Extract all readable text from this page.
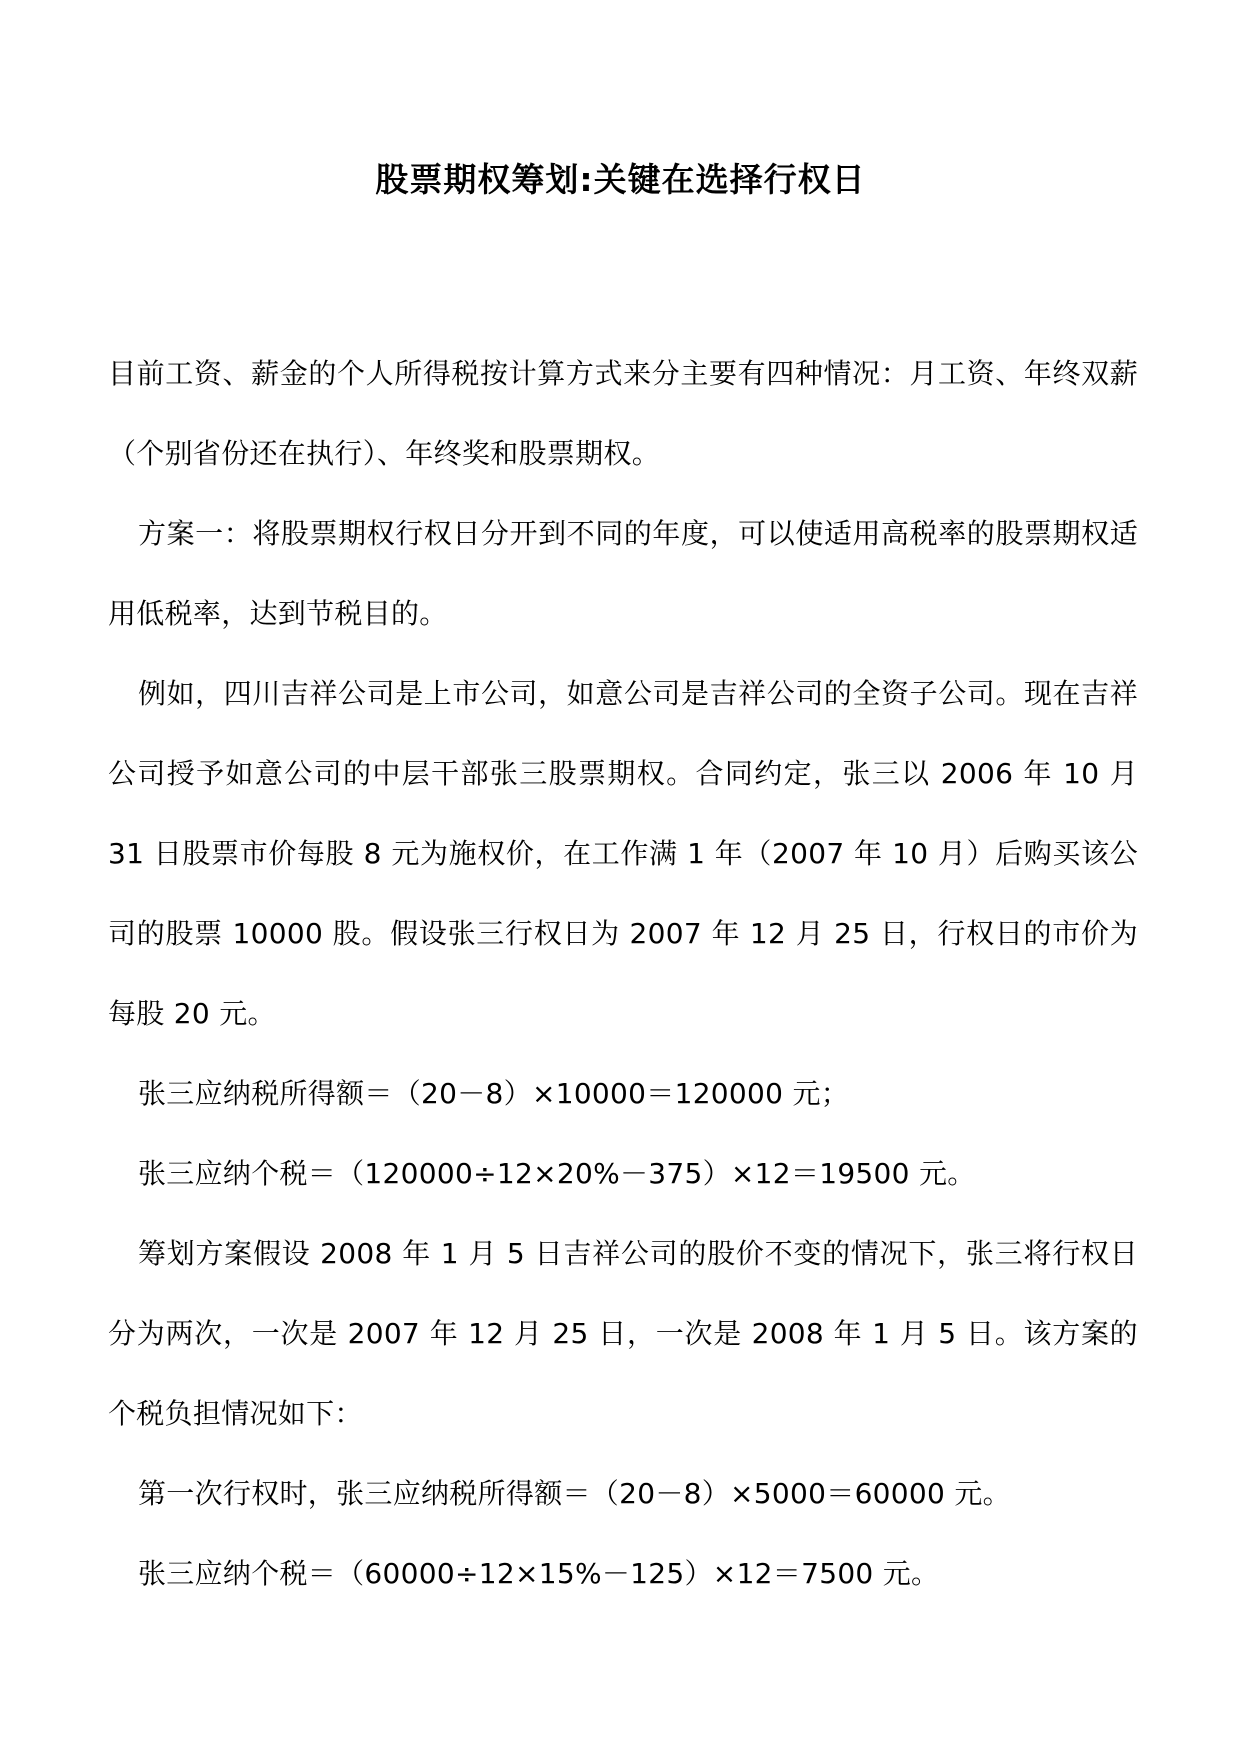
股票期权筹划:关键在选择行权日

目前工资、薪金的个人所得税按计算方式来分主要有四种情况：月工资、年终双薪（个别省份还在执行）、年终奖和股票期权。

方案一：将股票期权行权日分开到不同的年度，可以使适用高税率的股票期权适用低税率，达到节税目的。

例如，四川吉祥公司是上市公司，如意公司是吉祥公司的全资子公司。现在吉祥公司授予如意公司的中层干部张三股票期权。合同约定，张三以 2006 年 10 月 31 日股票市价每股 8 元为施权价，在工作满 1 年（2007 年 10 月）后购买该公司的股票 10000 股。假设张三行权日为 2007 年 12 月 25 日，行权日的市价为每股 20 元。

张三应纳税所得额＝（20－8）×10000＝120000 元；

张三应纳个税＝（120000÷12×20%－375）×12＝19500 元。

筹划方案假设 2008 年 1 月 5 日吉祥公司的股价不变的情况下，张三将行权日分为两次，一次是 2007 年 12 月 25 日，一次是 2008 年 1 月 5 日。该方案的个税负担情况如下：

第一次行权时，张三应纳税所得额＝（20－8）×5000＝60000 元。

张三应纳个税＝（60000÷12×15%－125）×12＝7500 元。
